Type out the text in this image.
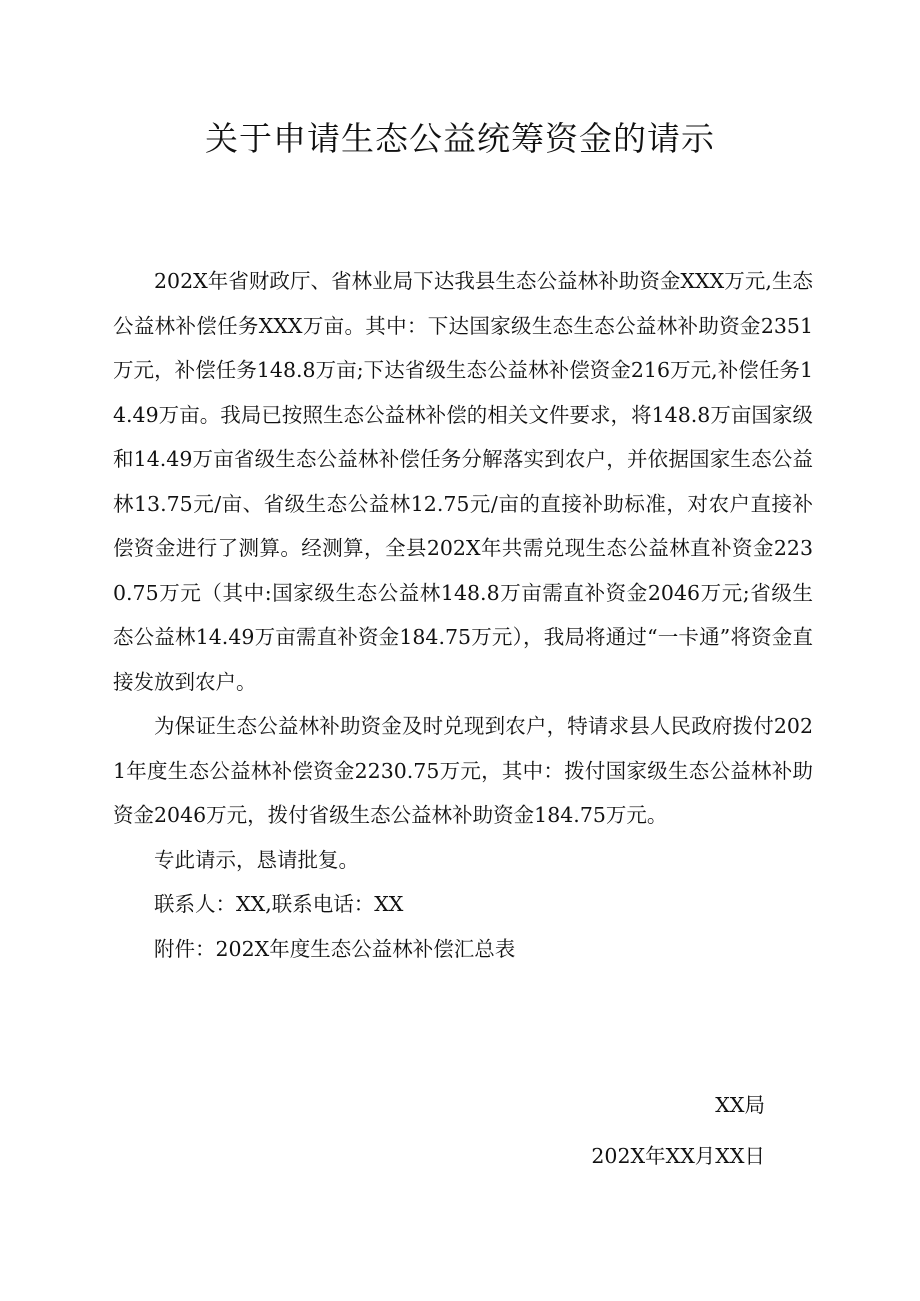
关于申请生态公益统筹资金的请示

202X年省财政厅、省林业局下达我县生态公益林补助资金XXX万元,生态公益林补偿任务XXX万亩。其中：下达国家级生态生态公益林补助资金2351万元，补偿任务148.8万亩;下达省级生态公益林补偿资金216万元,补偿任务14.49万亩。我局已按照生态公益林补偿的相关文件要求，将148.8万亩国家级和14.49万亩省级生态公益林补偿任务分解落实到农户，并依据国家生态公益林13.75元/亩、省级生态公益林12.75元/亩的直接补助标准，对农户直接补偿资金进行了测算。经测算，全县202X年共需兑现生态公益林直补资金2230.75万元（其中:国家级生态公益林148.8万亩需直补资金2046万元;省级生态公益林14.49万亩需直补资金184.75万元），我局将通过“一卡通”将资金直接发放到农户。

为保证生态公益林补助资金及时兑现到农户，特请求县人民政府拨付2021年度生态公益林补偿资金2230.75万元，其中：拨付国家级生态公益林补助资金2046万元，拨付省级生态公益林补助资金184.75万元。

专此请示，恳请批复。

联系人：XX,联系电话：XX

附件：202X年度生态公益林补偿汇总表

XX局
202X年XX月XX日
